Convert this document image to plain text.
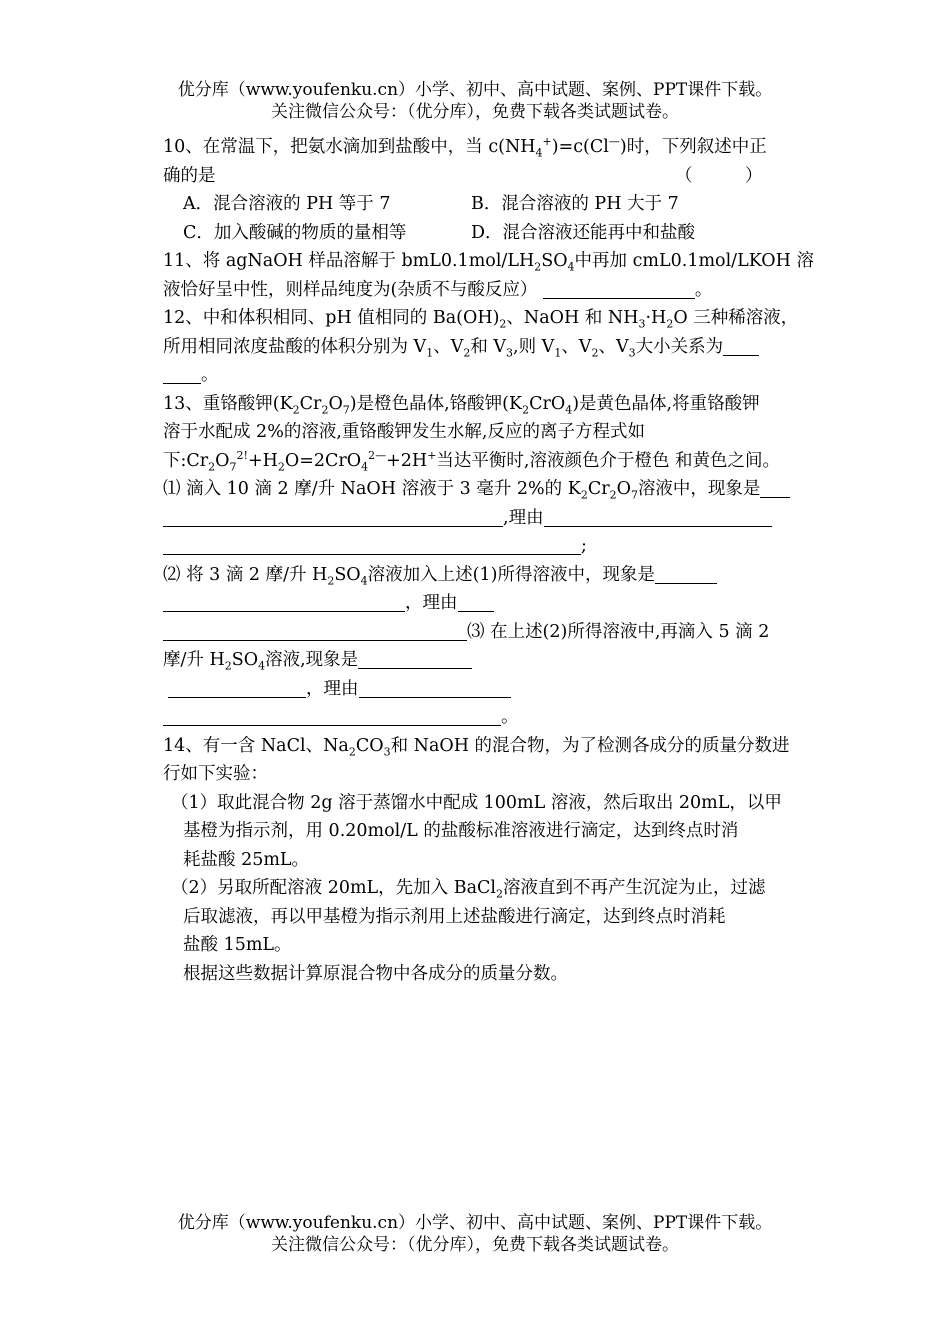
优分库（www.youfenku.cn）小学、初中、高中试题、案例、PPT课件下载。
关注微信公众号：（优分库），免费下载各类试题试卷。
10、在常温下，把氨水滴加到盐酸中，当 $c(NH_4^+)=c(Cl^—)$时，下列叙述中正
确的是	（　　　）
A．混合溶液的 PH 等于 7	B．混合溶液的 PH 大于 7
C．加入酸碱的物质的量相等	D．混合溶液还能再中和盐酸
11、将 agNaOH 样品溶解于 $bmL0.1mol/LH_2SO_4$中再加 cmL0.1mol/LKOH 溶
液恰好呈中性，则样品纯度为(杂质不与酸反应）	。
12、中和体积相同、pH 值相同的 $Ba(OH)_2$、NaOH 和 $NH_3\cdot H_2O$ 三种稀溶液，
所用相同浓度盐酸的体积分别为 $V_1$、$V_2$和 $V_3$,则 $V_1$、$V_2$、$V_3$大小关系为
。
13、重铬酸钾$(K_2Cr_2O_7)$是橙色晶体,铬酸钾$(K_2CrO_4)$是黄色晶体,将重铬酸钾
溶于水配成 2%的溶液,重铬酸钾发生水解,反应的离子方程式如
下$:Cr_2O_7^{2!}+H_2O=2CrO_4^{2—}+2H^+$当达平衡时,溶液颜色介于橙色 和黄色之间。
⑴ 滴入 10 滴 2 摩/升 NaOH 溶液于 3 毫升 2%的 $K_2Cr_2O_7$溶液中，现象是
,理由
;
⑵ 将 3 滴 2 摩/升 $H_2SO_4$溶液加入上述(1)所得溶液中，现象是
，理由
⑶ 在上述(2)所得溶液中,再滴入 5 滴 2
摩/升 $H_2SO_4$溶液,现象是
，理由
。
14、有一含 NaCl、$Na_2CO_3$和 NaOH 的混合物，为了检测各成分的质量分数进
行如下实验：
（1）取此混合物 2g 溶于蒸馏水中配成 100mL 溶液，然后取出 20mL，以甲
基橙为指示剂，用 0.20mol/L 的盐酸标准溶液进行滴定，达到终点时消
耗盐酸 25mL。
（2）另取所配溶液 20mL，先加入 BaCl$_2$溶液直到不再产生沉淀为止，过滤
后取滤液，再以甲基橙为指示剂用上述盐酸进行滴定，达到终点时消耗
盐酸 15mL。
根据这些数据计算原混合物中各成分的质量分数。
优分库（www.youfenku.cn）小学、初中、高中试题、案例、PPT课件下载。
关注微信公众号：（优分库），免费下载各类试题试卷。
